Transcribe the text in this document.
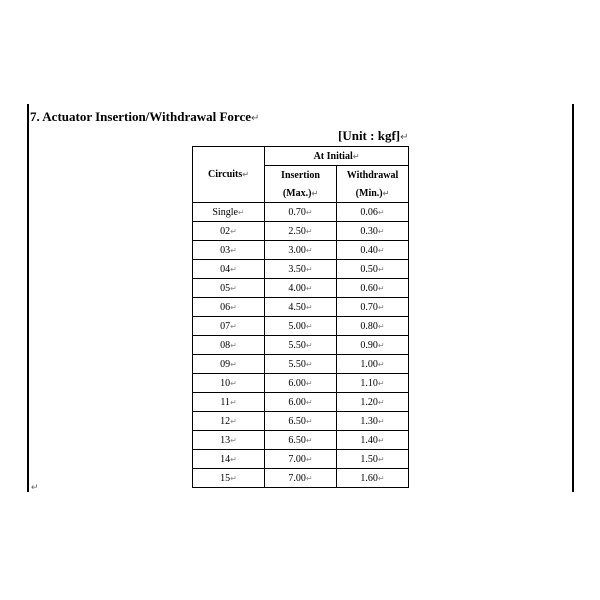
7. Actuator Insertion/Withdrawal Force↵
[Unit : kgf]↵
Circuits↵	At Initial↵	
	Insertion	Withdrawal
	(Max.)↵	(Min.)↵
Single↵	0.70↵	0.06↵
02↵	2.50↵	0.30↵
03↵	3.00↵	0.40↵
04↵	3.50↵	0.50↵
05↵	4.00↵	0.60↵
06↵	4.50↵	0.70↵
07↵	5.00↵	0.80↵
08↵	5.50↵	0.90↵
09↵	5.50↵	1.00↵
10↵	6.00↵	1.10↵
11↵	6.00↵	1.20↵
12↵	6.50↵	1.30↵
13↵	6.50↵	1.40↵
14↵	7.00↵	1.50↵
15↵	7.00↵	1.60↵
↵
